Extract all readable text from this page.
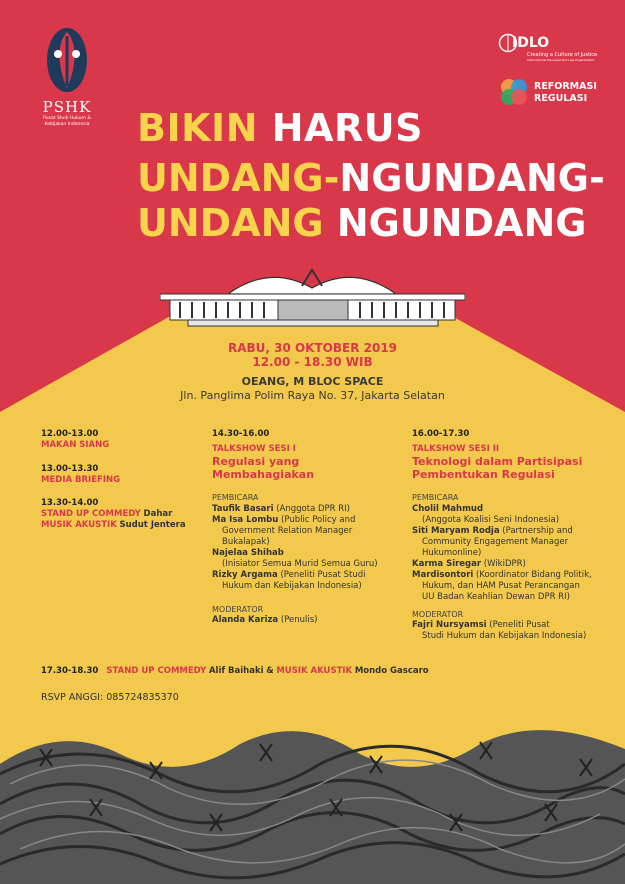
PSHK
Pusat Studi Hukum &
Kebijakan Indonesia
IDLO
Creating a Culture of Justice
International Development Law Organization
REFORMASI
REGULASI
BIKIN HARUS
UNDANG-NGUNDANG-
UNDANG NGUNDANG
RABU, 30 OKTOBER 2019
12.00 - 18.30 WIB
OEANG, M BLOC SPACE
Jln. Panglima Polim Raya No. 37, Jakarta Selatan
12.00-13.00
MAKAN SIANG
13.00-13.30
MEDIA BRIEFING
13.30-14.00
STAND UP COMMEDY Dahar
MUSIK AKUSTIK Sudut Jentera
14.30-16.00
TALKSHOW SESI I
Regulasi yang
Membahagiakan
PEMBICARA
Taufik Basari (Anggota DPR RI)
Ma Isa Lombu (Public Policy and
Government Relation Manager
Bukalapak)
Najelaa Shihab
(Inisiator Semua Murid Semua Guru)
Rizky Argama (Peneliti Pusat Studi
Hukum dan Kebijakan Indonesia)
MODERATOR
Alanda Kariza (Penulis)
16.00-17.30
TALKSHOW SESI II
Teknologi dalam Partisipasi
Pembentukan Regulasi
PEMBICARA
Cholil Mahmud
(Anggota Koalisi Seni Indonesia)
Siti Maryam Rodja (Partnership and
Community Engagement Manager
Hukumonline)
Karma Siregar (WikiDPR)
Mardisontori (Koordinator Bidang Politik,
Hukum, dan HAM Pusat Perancangan
UU Badan Keahlian Dewan DPR RI)
MODERATOR
Fajri Nursyamsi (Peneliti Pusat
Studi Hukum dan Kebijakan Indonesia)
17.30-18.30 STAND UP COMMEDY Alif Baihaki & MUSIK AKUSTIK Mondo Gascaro
RSVP ANGGI: 085724835370
